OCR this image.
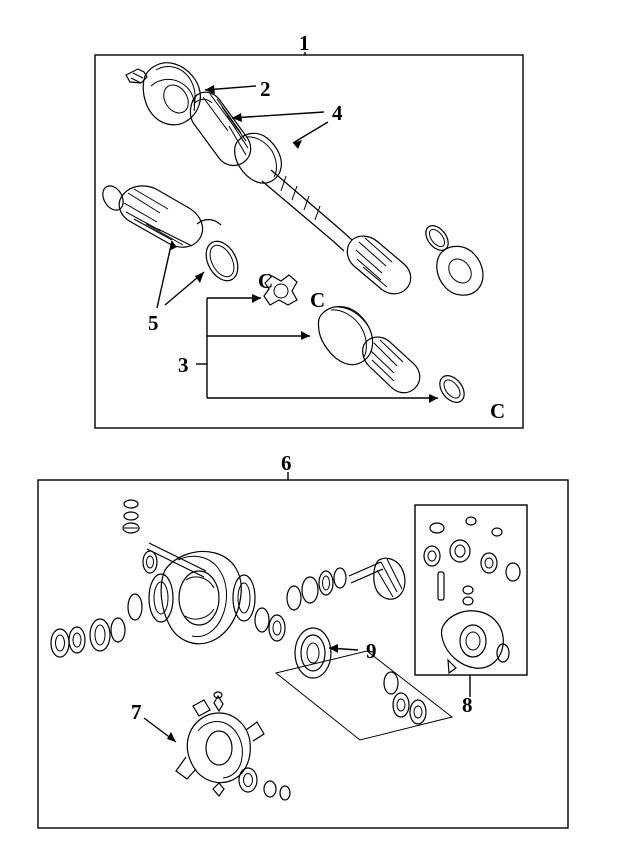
C
C
C
1
2
3
4
5
6
8
9
7
